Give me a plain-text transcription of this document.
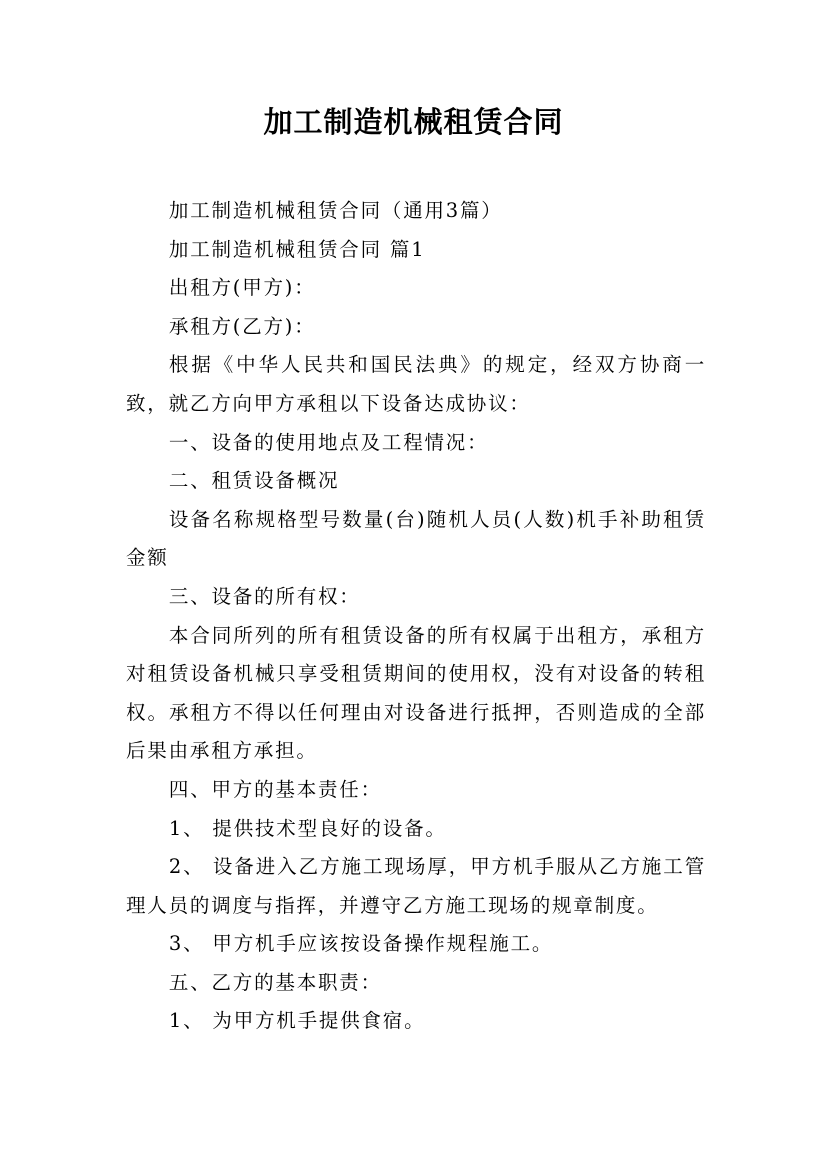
加工制造机械租赁合同

加工制造机械租赁合同（通用3篇）

加工制造机械租赁合同 篇1

出租方(甲方)：

承租方(乙方)：

根据《中华人民共和国民法典》的规定，经双方协商一致，就乙方向甲方承租以下设备达成协议：

一、设备的使用地点及工程情况：

二、租赁设备概况

设备名称规格型号数量(台)随机人员(人数)机手补助租赁金额

三、设备的所有权：

本合同所列的所有租赁设备的所有权属于出租方，承租方对租赁设备机械只享受租赁期间的使用权，没有对设备的转租权。承租方不得以任何理由对设备进行抵押，否则造成的全部后果由承租方承担。

四、甲方的基本责任：

1、 提供技术型良好的设备。

2、 设备进入乙方施工现场厚，甲方机手服从乙方施工管理人员的调度与指挥，并遵守乙方施工现场的规章制度。

3、 甲方机手应该按设备操作规程施工。

五、乙方的基本职责：

1、 为甲方机手提供食宿。
